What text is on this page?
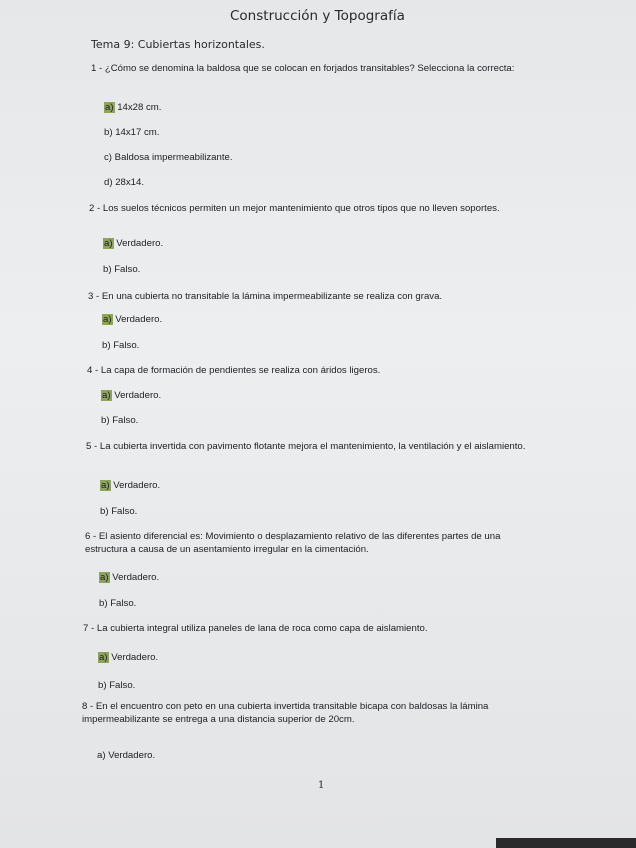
Construcción y Topografía
Tema 9: Cubiertas horizontales.
1 - ¿Cómo se denomina la baldosa que se colocan en forjados transitables? Selecciona la correcta:
a) 14x28 cm.
b) 14x17 cm.
c) Baldosa impermeabilizante.
d) 28x14.
2 - Los suelos técnicos permiten un mejor mantenimiento que otros tipos que no lleven soportes.
a) Verdadero.
b) Falso.
3 - En una cubierta no transitable la lámina impermeabilizante se realiza con grava.
a) Verdadero.
b) Falso.
4 - La capa de formación de pendientes se realiza con áridos ligeros.
a) Verdadero.
b) Falso.
5 - La cubierta invertida con pavimento flotante mejora el mantenimiento, la ventilación y el aislamiento.
a) Verdadero.
b) Falso.
6 - El asiento diferencial es: Movimiento o desplazamiento relativo de las diferentes partes de una estructura a causa de un asentamiento irregular en la cimentación.
a) Verdadero.
b) Falso.
7 - La cubierta integral utiliza paneles de lana de roca como capa de aislamiento.
a) Verdadero.
b) Falso.
8 - En el encuentro con peto en una cubierta invertida transitable bicapa con baldosas la lámina impermeabilizante se entrega a una distancia superior de 20cm.
a) Verdadero.
1
